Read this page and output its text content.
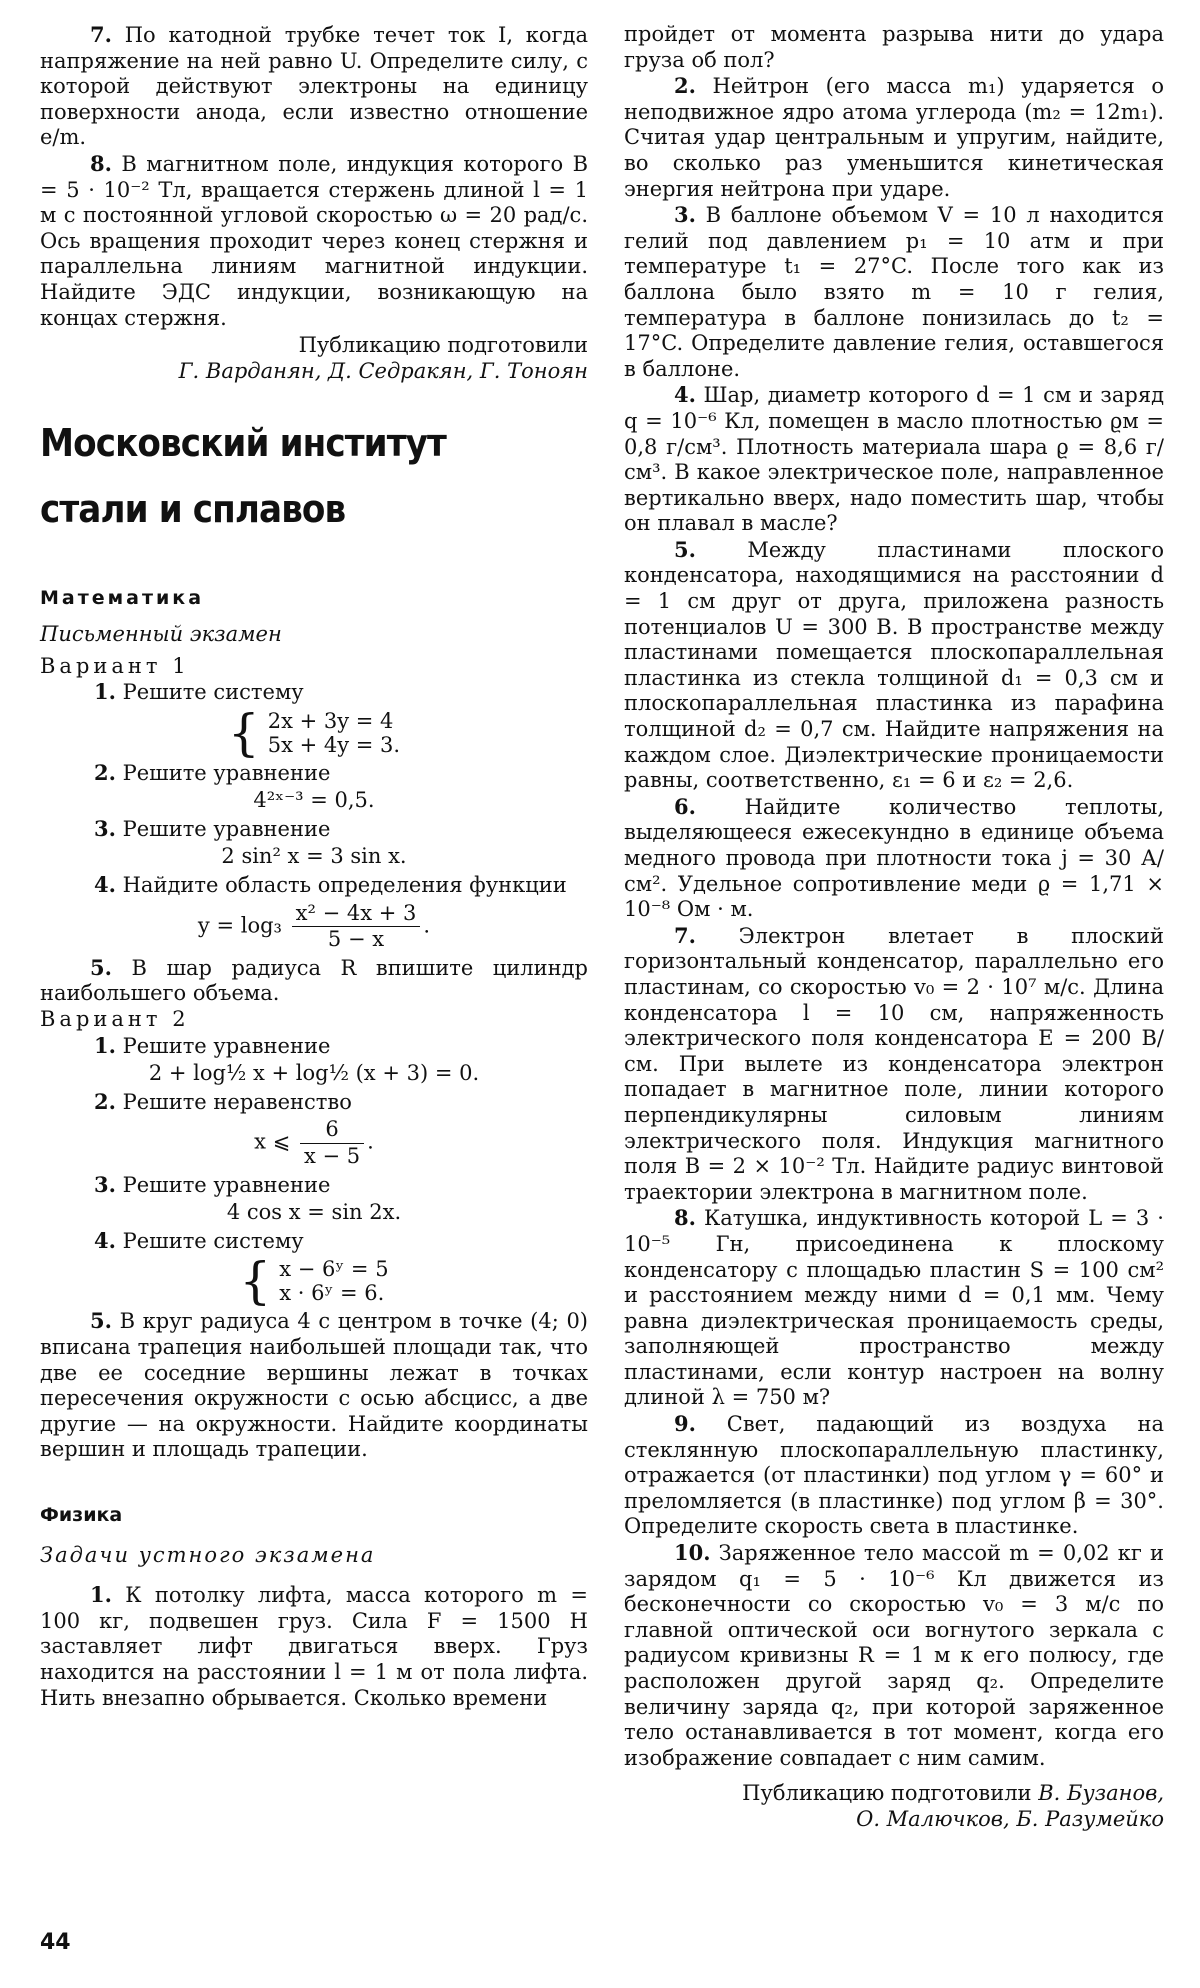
7. По катодной трубке течет ток I, когда напряжение на ней равно U. Определите силу, с которой действуют электроны на единицу поверхности анода, если известно отношение e/m.

8. В магнитном поле, индукция которого B = 5 · 10⁻² Тл, вращается стержень длиной l = 1 м с постоянной угловой скоростью ω = 20 рад/с. Ось вращения проходит через конец стержня и параллельна линиям магнитной индукции. Найдите ЭДС индукции, возникающую на концах стержня.

Публикацию подготовили
Г. Варданян, Д. Седракян, Г. Тоноян
Московский институт
стали и сплавов
Математика
Письменный экзамен
Вариант 1

1. Решите систему

{ 2x + 3y = 4
5x + 4y = 3.

2. Решите уравнение

4²ˣ⁻³ = 0,5.

3. Решите уравнение

2 sin² x = 3 sin x.

4. Найдите область определения функции

$y = \log_3 \frac{\text{x² − 4x + 3}}{5 - x}$ .

5. В шар радиуса R впишите цилиндр наибольшего объема.

Вариант 2

1. Решите уравнение

2 + log½ x + log½ (x + 3) = 0.

2. Решите неравенство

x ⩽ $\frac{6}{x - 5}$ .

3. Решите уравнение

4 cos x = sin 2x.

4. Решите систему

{ x − 6ʸ = 5
x · 6ʸ = 6.

5. В круг радиуса 4 с центром в точке (4; 0) вписана трапеция наибольшей площади так, что две ее соседние вершины лежат в точках пересечения окружности с осью абсцисс, а две другие — на окружности. Найдите координаты вершин и площадь трапеции.

Физика
Задачи устного экзамена

1. К потолку лифта, масса которого m = 100 кг, подвешен груз. Сила F = 1500 Н заставляет лифт двигаться вверх. Груз находится на расстоянии l = 1 м от пола лифта. Нить внезапно обрывается. Сколько времени

пройдет от момента разрыва нити до удара груза об пол?

2. Нейтрон (его масса m₁) ударяется о неподвижное ядро атома углерода (m₂ = 12m₁). Считая удар центральным и упругим, найдите, во сколько раз уменьшится кинетическая энергия нейтрона при ударе.

3. В баллоне объемом V = 10 л находится гелий под давлением p₁ = 10 атм и при температуре t₁ = 27°C. После того как из баллона было взято m = 10 г гелия, температура в баллоне понизилась до t₂ = 17°C. Определите давление гелия, оставшегося в баллоне.

4. Шар, диаметр которого d = 1 см и заряд q = 10⁻⁶ Кл, помещен в масло плотностью ϱм = 0,8 г/см³. Плотность материала шара ϱ = 8,6 г/см³. В какое электрическое поле, направленное вертикально вверх, надо поместить шар, чтобы он плавал в масле?

5. Между пластинами плоского конденсатора, находящимися на расстоянии d = 1 см друг от друга, приложена разность потенциалов U = 300 В. В пространстве между пластинами помещается плоскопараллельная пластинка из стекла толщиной d₁ = 0,3 см и плоскопараллельная пластинка из парафина толщиной d₂ = 0,7 см. Найдите напряжения на каждом слое. Диэлектрические проницаемости равны, соответственно, ε₁ = 6 и ε₂ = 2,6.

6. Найдите количество теплоты, выделяющееся ежесекундно в единице объема медного провода при плотности тока j = 30 А/см². Удельное сопротивление меди ϱ = 1,71 × 10⁻⁸ Ом · м.

7. Электрон влетает в плоский горизонтальный конденсатор, параллельно его пластинам, со скоростью v₀ = 2 · 10⁷ м/с. Длина конденсатора l = 10 см, напряженность электрического поля конденсатора E = 200 В/см. При вылете из конденсатора электрон попадает в магнитное поле, линии которого перпендикулярны силовым линиям электрического поля. Индукция магнитного поля B = 2 × 10⁻² Тл. Найдите радиус винтовой траектории электрона в магнитном поле.

8. Катушка, индуктивность которой L = 3 · 10⁻⁵ Гн, присоединена к плоскому конденсатору с площадью пластин S = 100 см² и расстоянием между ними d = 0,1 мм. Чему равна диэлектрическая проницаемость среды, заполняющей пространство между пластинами, если контур настроен на волну длиной λ = 750 м?

9. Свет, падающий из воздуха на стеклянную плоскопараллельную пластинку, отражается (от пластинки) под углом γ = 60° и преломляется (в пластинке) под углом β = 30°. Определите скорость света в пластинке.

10. Заряженное тело массой m = 0,02 кг и зарядом q₁ = 5 · 10⁻⁶ Кл движется из бесконечности со скоростью v₀ = 3 м/с по главной оптической оси вогнутого зеркала с радиусом кривизны R = 1 м к его полюсу, где расположен другой заряд q₂. Определите величину заряда q₂, при которой заряженное тело останавливается в тот момент, когда его изображение совпадает с ним самим.

Публикацию подготовили В. Бузанов,
О. Малючков, Б. Разумейко
44
